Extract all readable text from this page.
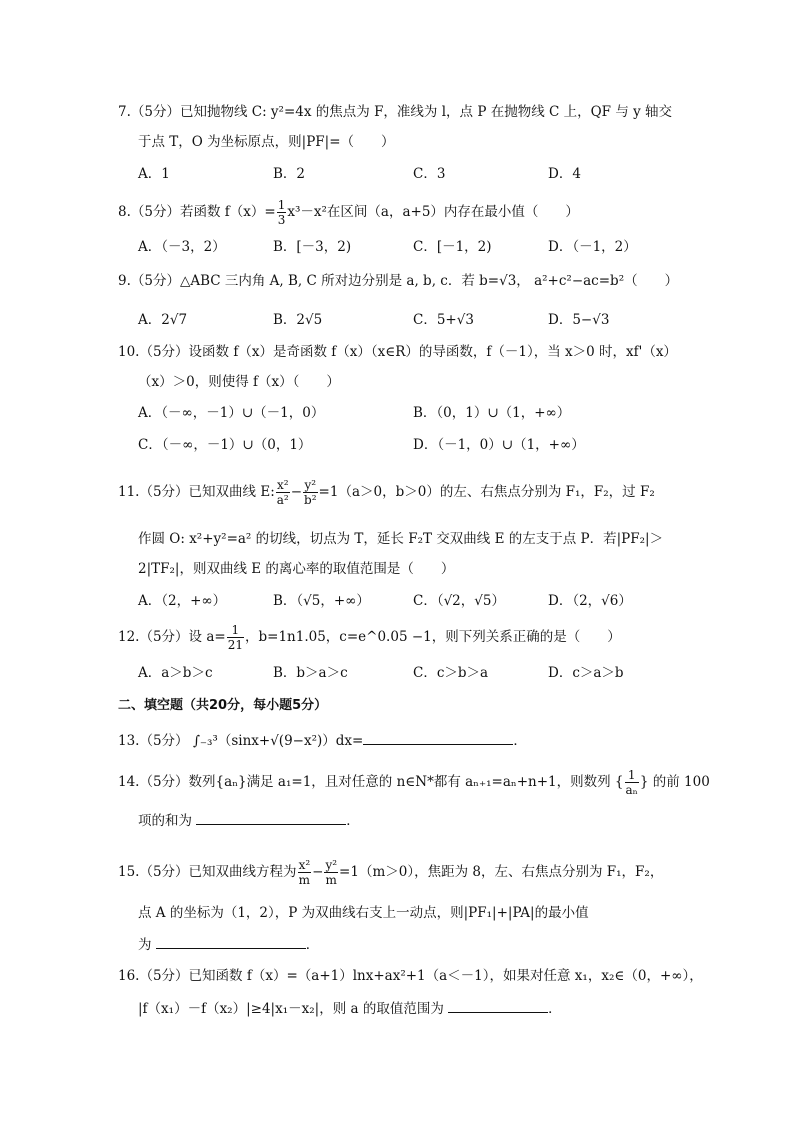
7.（5分）已知抛物线 C: y²=4x 的焦点为 F，准线为 l，点 P 在抛物线 C 上，QF 与 y 轴交
于点 T，O 为坐标原点，则|PF|=（　　）
A．1	B．2	C．3	D．4
8.（5分）若函数 $f(x)= \frac{1}{3} x^3-x^2$在区间（a，a+5）内存在最小值（　　）
A．（－3，2）	B．[－3，2)	C．[－1，2)	D．（－1，2）
9.（5分）△ABC 三内角 A, B, C 所对边分别是 a, b, c．若 b=√3， a²+c²−ac=b²（　　）
A．2√7	B．2√5	C．5+√3	D．5−√3
10.（5分）设函数 f（x）是奇函数 f（x）（x∈R）的导函数，f（－1），当 x＞0 时，xf'（x）
（x）＞0，则使得 f（x）（　　）
A．（－∞，－1）∪（－1，0）	B．（0，1）∪（1，+∞）
C．（－∞，－1）∪（0，1）	D．（－1，0）∪（1，+∞）
11.（5分）已知双曲线 E: $\frac{\text{x²}}{\text{a²}} - \frac{\text{y²}}{\text{b²}} =1(a>0$，b＞0）的左、右焦点分别为 F₁，F₂，过 F₂
作圆 O: x²+y²=a² 的切线，切点为 T，延长 F₂T 交双曲线 E 的左支于点 P．若|PF₂|＞
2|TF₂|，则双曲线 E 的离心率的取值范围是（　　）
A．（2，+∞）	B．（√5，+∞）	C．（√2，√5）	D．（2，√6）
12.（5分）设 $a= \frac{1}{21}$ ，b=1n1.05，c=e^0.05 −1，则下列关系正确的是（　　）
A．a＞b＞c	B．b＞a＞c	C．c＞b＞a	D．c＞a＞b
二、填空题（共20分，每小题5分）
13.（5分） ∫₋₃³（sinx+√(9−x²)）dx=	．
14.（5分）数列{aₙ}满足 a₁=1，且对任意的 n∈N*都有 aₙ₊₁=aₙ+n+1，则数列 { $\frac{1}{\text{aₙ}}$ } 的前 100
项的和为	．
15.（5分）已知双曲线方程为 $\frac{\text{x²}}{m} - \frac{\text{y²}}{m} =1(m>0)$，焦距为 8，左、右焦点分别为 F₁，F₂，
点 A 的坐标为（1，2），P 为双曲线右支上一动点，则|PF₁|+|PA|的最小值
为	．
16.（5分）已知函数 f（x）=（a+1）lnx+ax²+1（a＜－1），如果对任意 x₁，x₂∈（0，+∞），
|f（x₁）－f（x₂）|≥4|x₁－x₂|，则 a 的取值范围为	．
